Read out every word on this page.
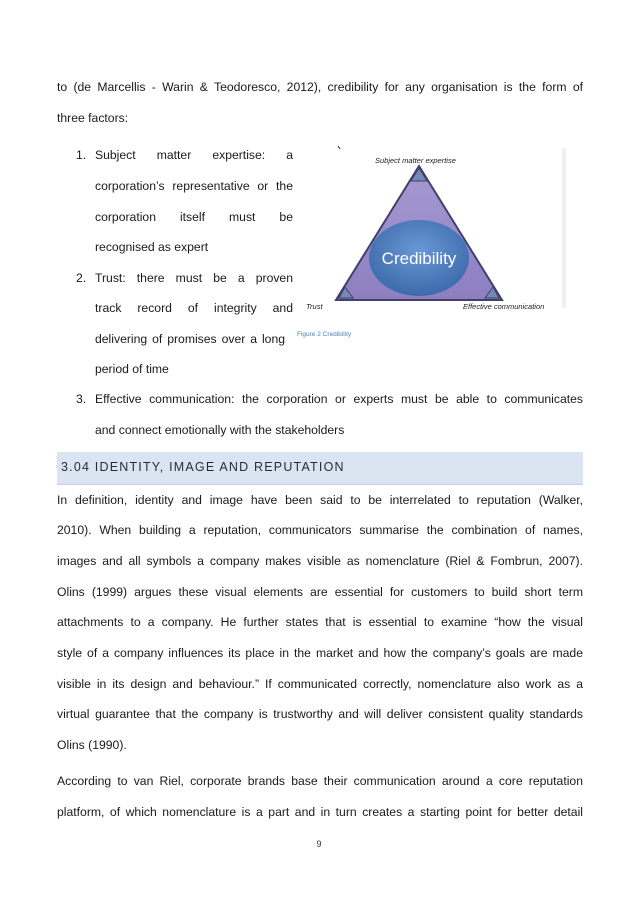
to (de Marcellis - Warin & Teodoresco, 2012), credibility for any organisation is the form of
three factors:
1. Subject matter expertise: a
corporation’s representative or the
corporation itself must be
recognised as expert
2. Trust: there must be a proven
track record of integrity and
delivering of promises over a long
period of time
3. Effective communication: the corporation or experts must be able to communicates
and connect emotionally with the stakeholders
Subject matter expertise
Credibility
Trust	Effective communication
Figure 2 Credibility
3.04 IDENTITY, IMAGE AND REPUTATION
In definition, identity and image have been said to be interrelated to reputation (Walker,
2010). When building a reputation, communicators summarise the combination of names,
images and all symbols a company makes visible as nomenclature (Riel & Fombrun, 2007).
Olins (1999) argues these visual elements are essential for customers to build short term
attachments to a company. He further states that is essential to examine “how the visual
style of a company influences its place in the market and how the company’s goals are made
visible in its design and behaviour.” If communicated correctly, nomenclature also work as a
virtual guarantee that the company is trustworthy and will deliver consistent quality standards
Olins (1990).
According to van Riel, corporate brands base their communication around a core reputation
platform, of which nomenclature is a part and in turn creates a starting point for better detail
9
